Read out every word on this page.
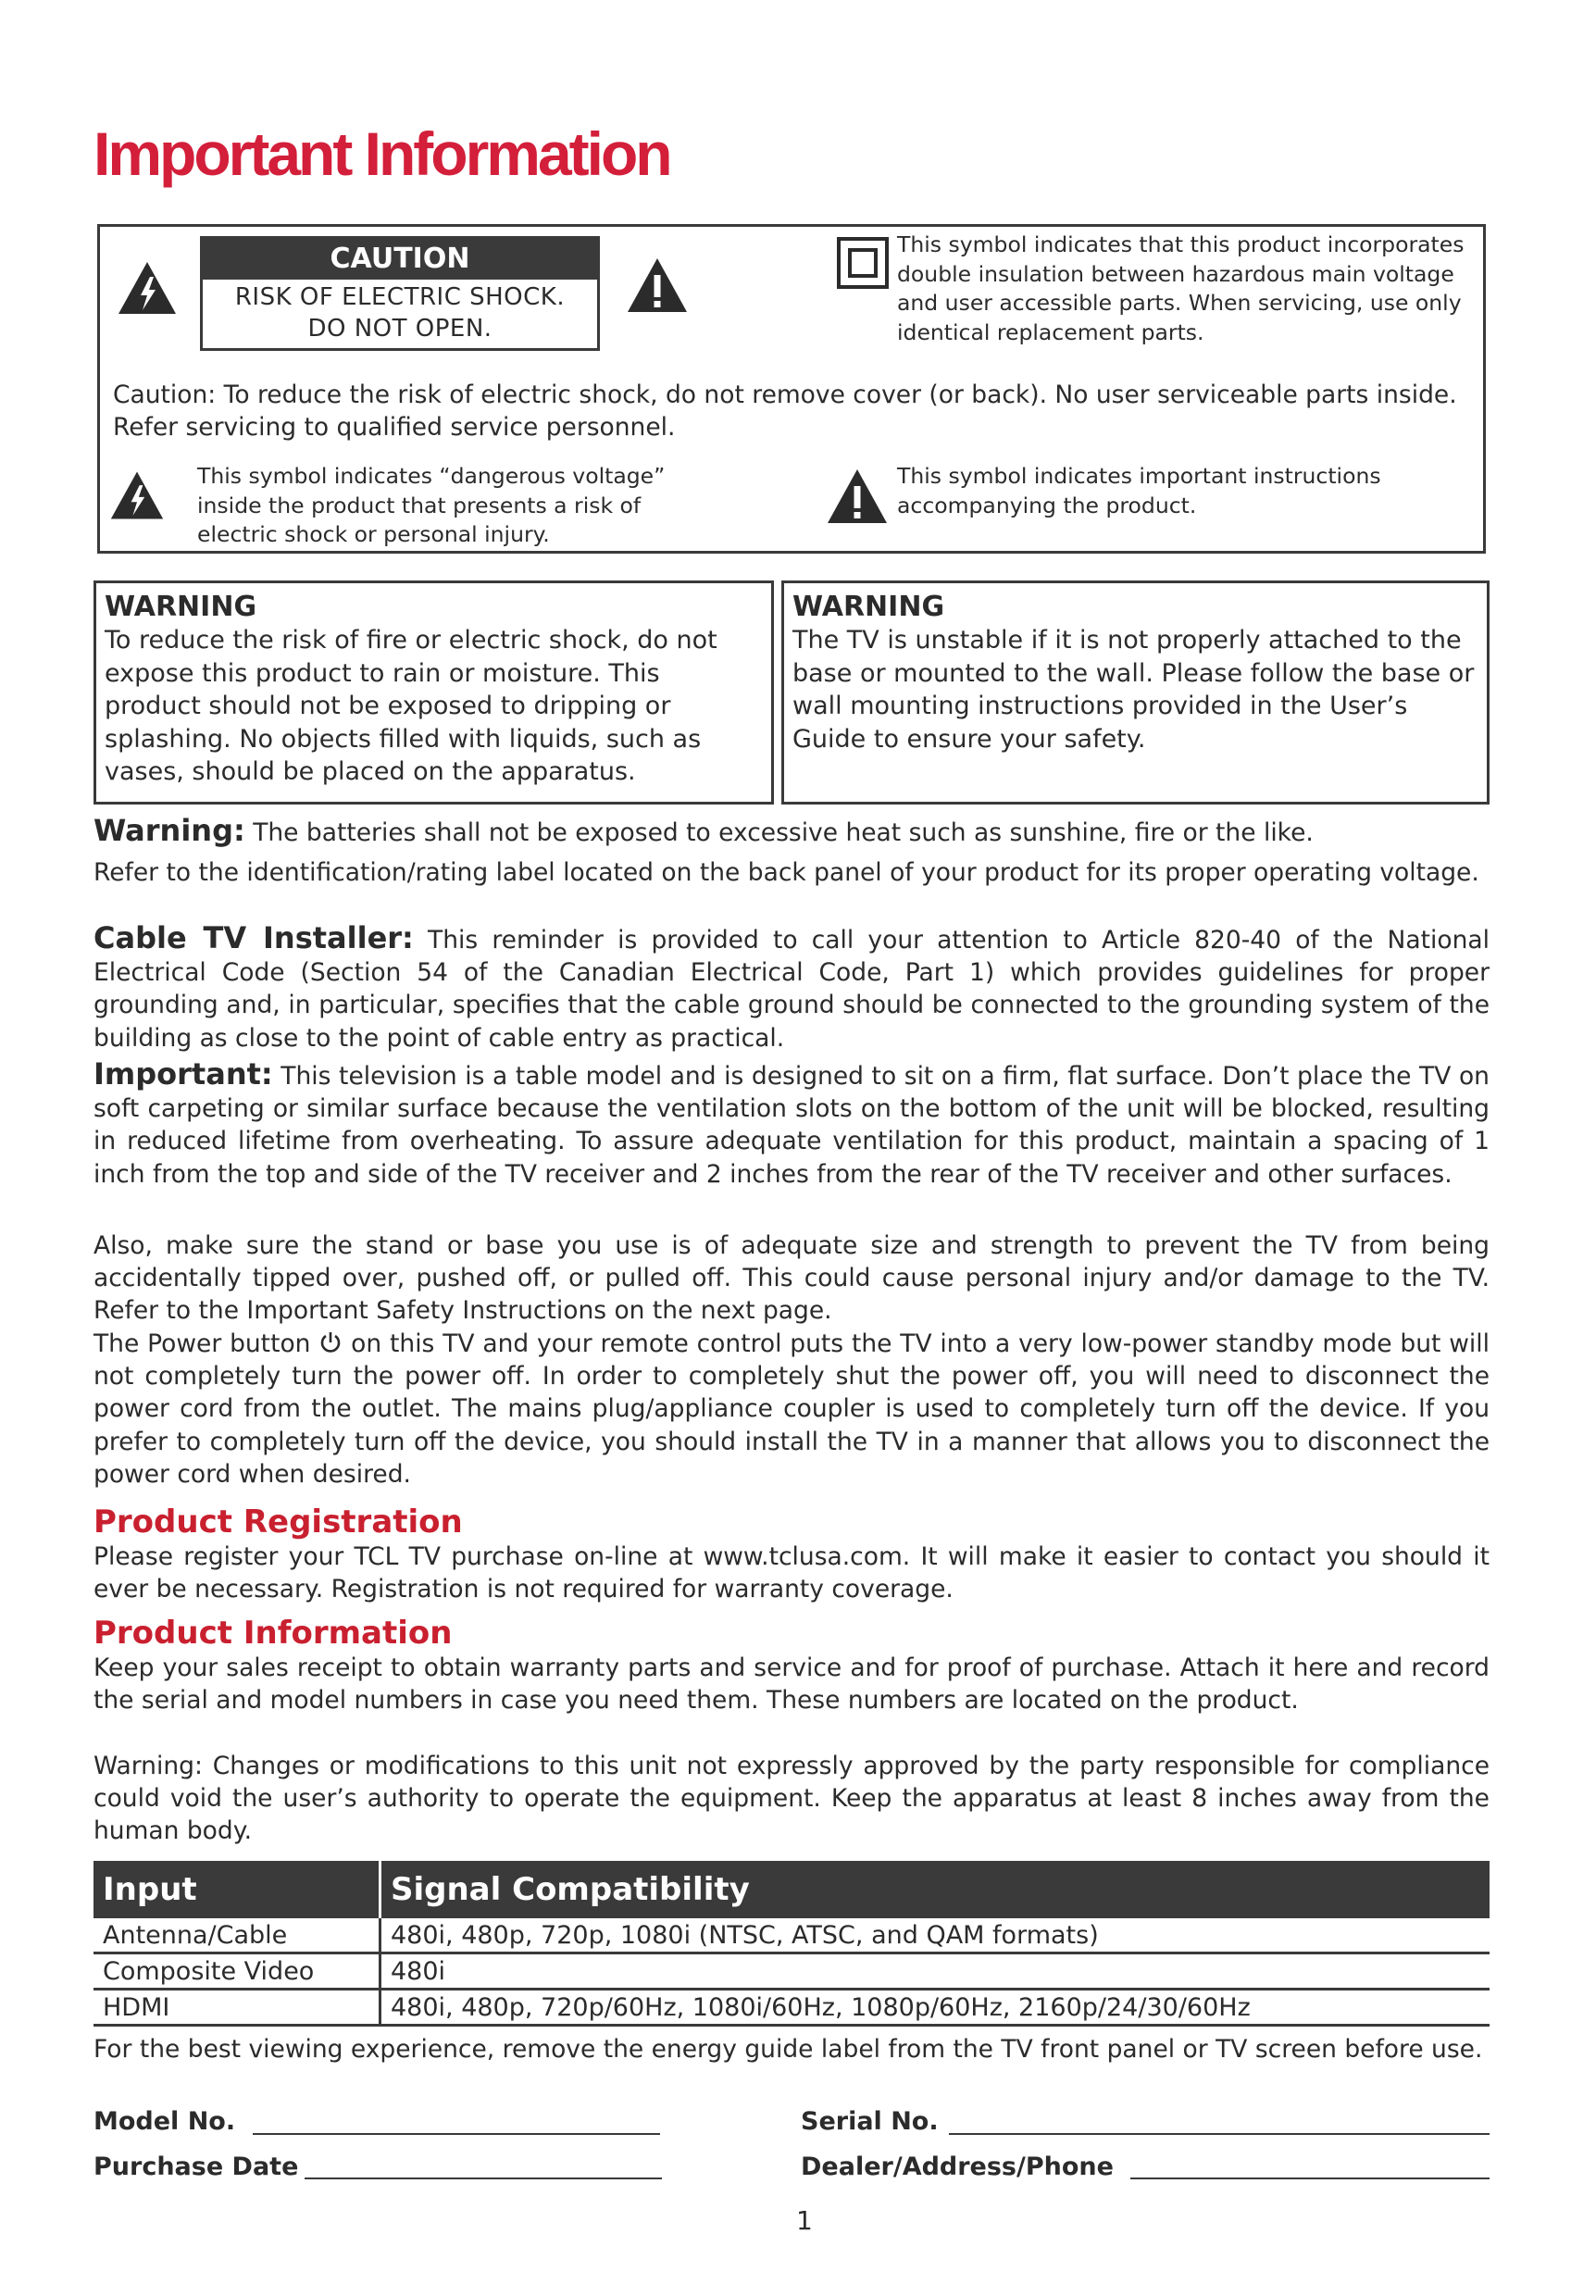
Important Information
CAUTION
RISK OF ELECTRIC SHOCK.
DO NOT OPEN.
This symbol indicates that this product incorporates double insulation between hazardous main voltage and user accessible parts. When servicing, use only identical replacement parts.
Caution: To reduce the risk of electric shock, do not remove cover (or back). No user serviceable parts inside. Refer servicing to qualified service personnel.
This symbol indicates “dangerous voltage” inside the product that presents a risk of electric shock or personal injury.
This symbol indicates important instructions accompanying the product.
WARNING
To reduce the risk of fire or electric shock, do not expose this product to rain or moisture. This product should not be exposed to dripping or splashing. No objects filled with liquids, such as vases, should be placed on the apparatus.
WARNING
The TV is unstable if it is not properly attached to the base or mounted to the wall. Please follow the base or wall mounting instructions provided in the User’s Guide to ensure your safety.
Warning: The batteries shall not be exposed to excessive heat such as sunshine, fire or the like.
Refer to the identification/rating label located on the back panel of your product for its proper operating voltage.
Cable TV Installer: This reminder is provided to call your attention to Article 820-40 of the National Electrical Code (Section 54 of the Canadian Electrical Code, Part 1) which provides guidelines for proper grounding and, in particular, specifies that the cable ground should be connected to the grounding system of the building as close to the point of cable entry as practical.
Important: This television is a table model and is designed to sit on a firm, flat surface. Don’t place the TV on soft carpeting or similar surface because the ventilation slots on the bottom of the unit will be blocked, resulting in reduced lifetime from overheating. To assure adequate ventilation for this product, maintain a spacing of 1 inch from the top and side of the TV receiver and 2 inches from the rear of the TV receiver and other surfaces.
Also, make sure the stand or base you use is of adequate size and strength to prevent the TV from being accidentally tipped over, pushed off, or pulled off. This could cause personal injury and/or damage to the TV. Refer to the Important Safety Instructions on the next page.
The Power button on this TV and your remote control puts the TV into a very low-power standby mode but will not completely turn the power off. In order to completely shut the power off, you will need to disconnect the power cord from the outlet. The mains plug/appliance coupler is used to completely turn off the device. If you prefer to completely turn off the device, you should install the TV in a manner that allows you to disconnect the power cord when desired.
Product Registration
Please register your TCL TV purchase on-line at www.tclusa.com. It will make it easier to contact you should it ever be necessary. Registration is not required for warranty coverage.
Product Information
Keep your sales receipt to obtain warranty parts and service and for proof of purchase. Attach it here and record the serial and model numbers in case you need them. These numbers are located on the product.
Warning: Changes or modifications to this unit not expressly approved by the party responsible for compliance could void the user’s authority to operate the equipment. Keep the apparatus at least 8 inches away from the human body.
Input	Signal Compatibility
Antenna/Cable	480i, 480p, 720p, 1080i (NTSC, ATSC, and QAM formats)
Composite Video	480i
HDMI	480i, 480p, 720p/60Hz, 1080i/60Hz, 1080p/60Hz, 2160p/24/30/60Hz
For the best viewing experience, remove the energy guide label from the TV front panel or TV screen before use.
Model No.	Serial No.
Purchase Date	Dealer/Address/Phone
1
